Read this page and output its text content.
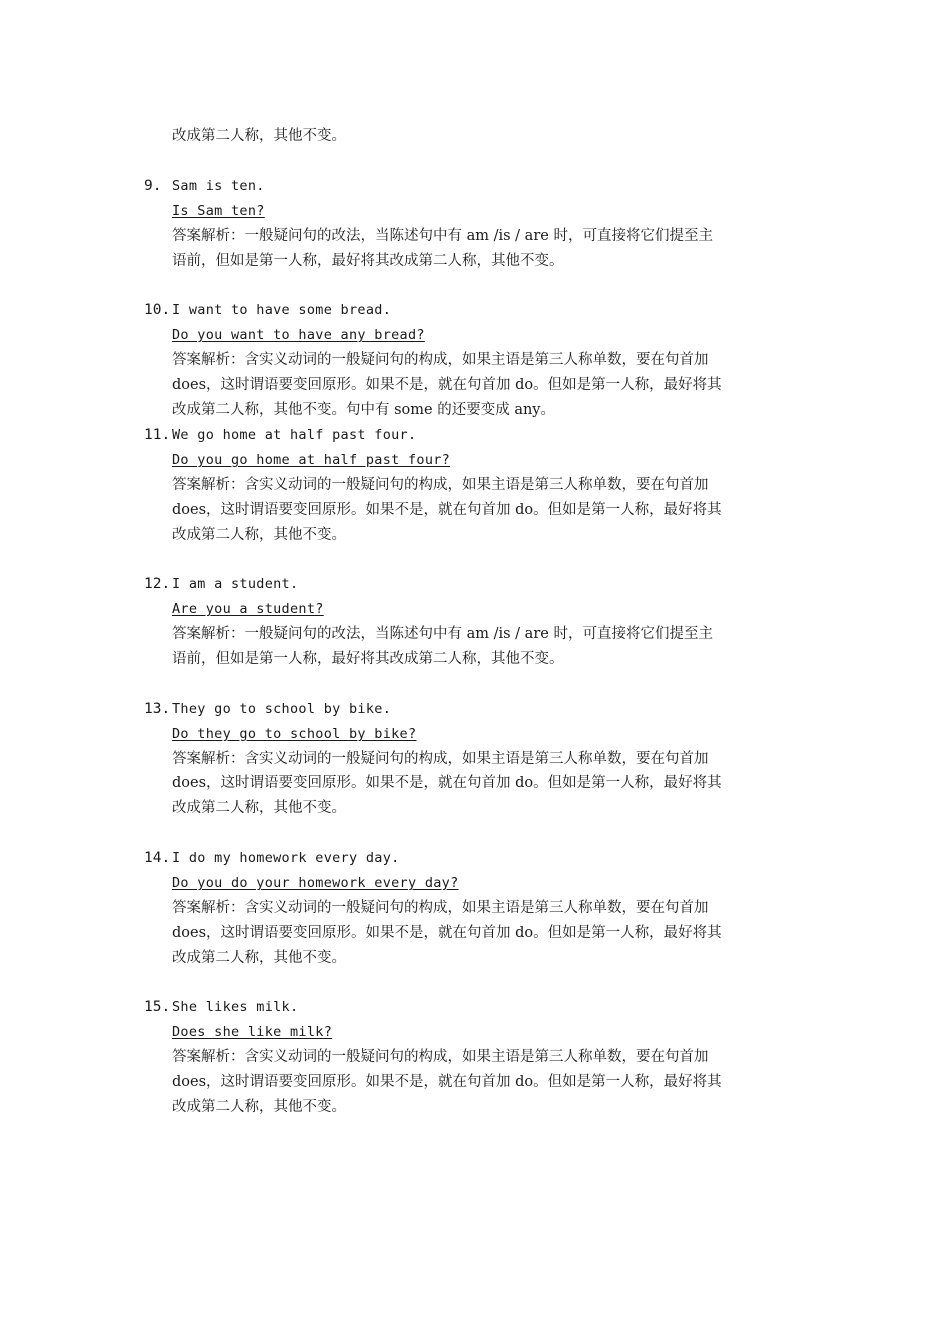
改成第二人称，其他不变。
9. Sam is ten.
Is Sam ten?
答案解析：一般疑问句的改法，当陈述句中有 am /is / are 时，可直接将它们提至主
语前，但如是第一人称，最好将其改成第二人称，其他不变。
10. I want to have some bread.
Do you want to have any bread?
答案解析：含实义动词的一般疑问句的构成，如果主语是第三人称单数，要在句首加
does，这时谓语要变回原形。如果不是，就在句首加 do。但如是第一人称，最好将其
改成第二人称，其他不变。句中有 some 的还要变成 any。
11. We go home at half past four.
Do you go home at half past four?
答案解析：含实义动词的一般疑问句的构成，如果主语是第三人称单数，要在句首加
does，这时谓语要变回原形。如果不是，就在句首加 do。但如是第一人称，最好将其
改成第二人称，其他不变。
12. I am a student.
Are you a student?
答案解析：一般疑问句的改法，当陈述句中有 am /is / are 时，可直接将它们提至主
语前，但如是第一人称，最好将其改成第二人称，其他不变。
13. They go to school by bike.
Do they go to school by bike?
答案解析：含实义动词的一般疑问句的构成，如果主语是第三人称单数，要在句首加
does，这时谓语要变回原形。如果不是，就在句首加 do。但如是第一人称，最好将其
改成第二人称，其他不变。
14. I do my homework every day.
Do you do your homework every day?
答案解析：含实义动词的一般疑问句的构成，如果主语是第三人称单数，要在句首加
does，这时谓语要变回原形。如果不是，就在句首加 do。但如是第一人称，最好将其
改成第二人称，其他不变。
15. She likes milk.
Does she like milk?
答案解析：含实义动词的一般疑问句的构成，如果主语是第三人称单数，要在句首加
does，这时谓语要变回原形。如果不是，就在句首加 do。但如是第一人称，最好将其
改成第二人称，其他不变。
